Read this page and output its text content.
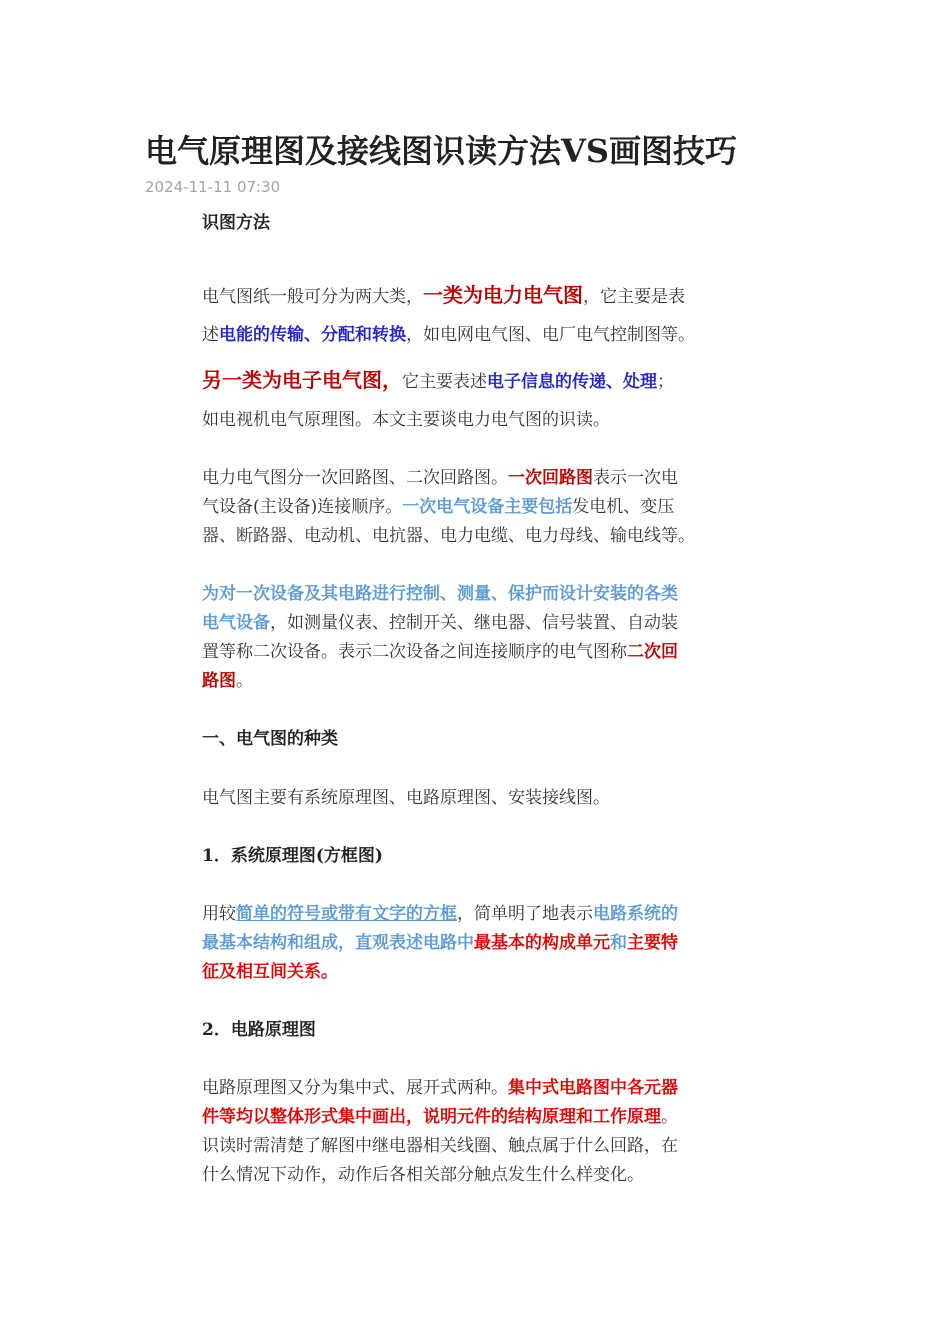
电气原理图及接线图识读方法VS画图技巧
2024-11-11 07:30
识图方法
电气图纸一般可分为两大类，一类为电力电气图，它主要是表
述电能的传输、分配和转换，如电网电气图、电厂电气控制图等。
另一类为电子电气图，它主要表述电子信息的传递、处理；
如电视机电气原理图。本文主要谈电力电气图的识读。
电力电气图分一次回路图、二次回路图。一次回路图表示一次电
气设备(主设备)连接顺序。一次电气设备主要包括发电机、变压
器、断路器、电动机、电抗器、电力电缆、电力母线、输电线等。
为对一次设备及其电路进行控制、测量、保护而设计安装的各类
电气设备，如测量仪表、控制开关、继电器、信号装置、自动装
置等称二次设备。表示二次设备之间连接顺序的电气图称二次回
路图。
一、电气图的种类
电气图主要有系统原理图、电路原理图、安装接线图。
1．系统原理图(方框图)
用较简单的符号或带有文字的方框，简单明了地表示电路系统的
最基本结构和组成，直观表述电路中最基本的构成单元和主要特
征及相互间关系。
2．电路原理图
电路原理图又分为集中式、展开式两种。集中式电路图中各元器
件等均以整体形式集中画出，说明元件的结构原理和工作原理。
识读时需清楚了解图中继电器相关线圈、触点属于什么回路，在
什么情况下动作，动作后各相关部分触点发生什么样变化。
